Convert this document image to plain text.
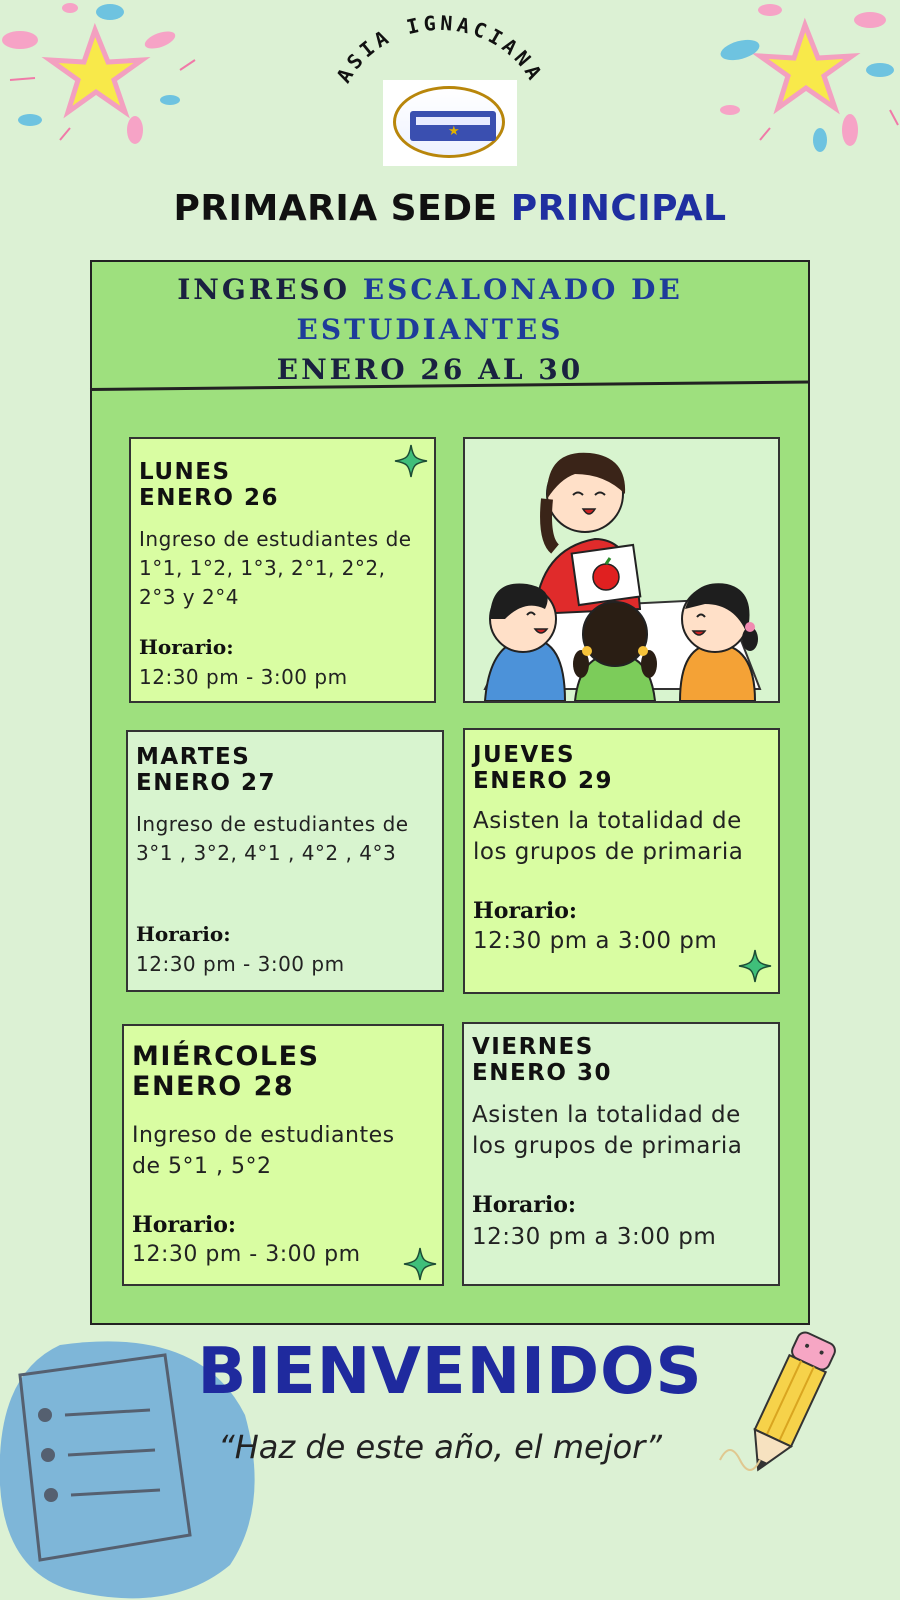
ASIA IGNACIANA
★
PRIMARIA SEDE PRINCIPAL
INGRESO ESCALONADO DE
ESTUDIANTES
ENERO 26 AL 30
LUNES
ENERO 26
Ingreso de estudiantes de 1°1, 1°2, 1°3, 2°1, 2°2, 2°3 y 2°4
Horario:
12:30 pm - 3:00 pm
MARTES
ENERO 27
Ingreso de estudiantes de 3°1 , 3°2, 4°1 , 4°2 , 4°3
Horario:
12:30 pm - 3:00 pm
JUEVES
ENERO 29
Asisten la totalidad de los grupos de primaria
Horario:
12:30 pm a 3:00 pm
MIÉRCOLES
ENERO 28
Ingreso de estudiantes de 5°1 , 5°2
Horario:
12:30 pm - 3:00 pm
VIERNES
ENERO 30
Asisten la totalidad de los grupos de primaria
Horario:
12:30 pm a 3:00 pm
BIENVENIDOS
“Haz de este año, el mejor”
